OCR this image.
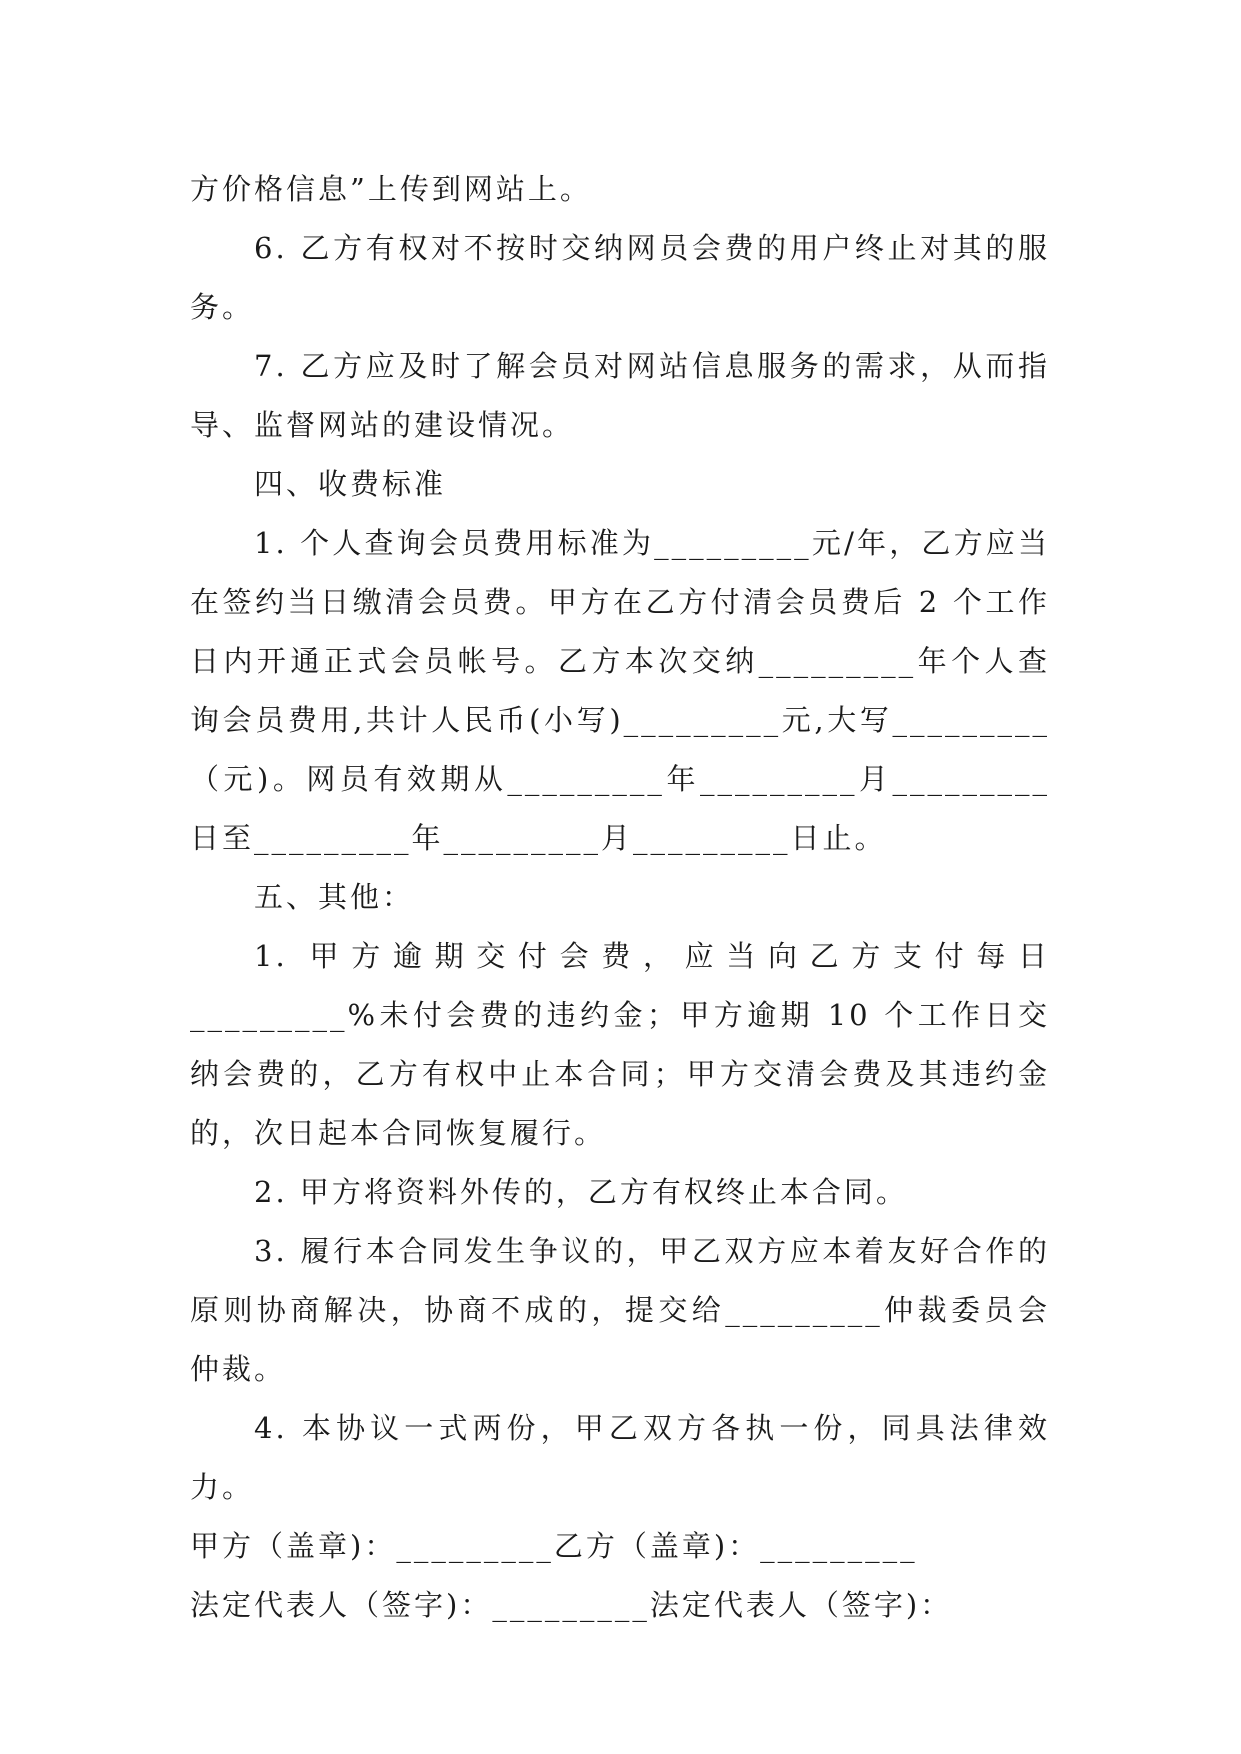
方价格信息”上传到网站上。

6. 乙方有权对不按时交纳网员会费的用户终止对其的服务。

7. 乙方应及时了解会员对网站信息服务的需求，从而指导、监督网站的建设情况。

四、收费标准

1. 个人查询会员费用标准为_________元/年，乙方应当在签约当日缴清会员费。甲方在乙方付清会员费后 2 个工作日内开通正式会员帐号。乙方本次交纳_________年个人查询会员费用,共计人民币(小写)_________元,大写_________（元)。网员有效期从_________年_________月_________日至_________年_________月_________日止。

五、其他：

1. 甲方逾期交付会费，应当向乙方支付每日_________%未付会费的违约金；甲方逾期 10 个工作日交纳会费的，乙方有权中止本合同；甲方交清会费及其违约金的，次日起本合同恢复履行。

2. 甲方将资料外传的，乙方有权终止本合同。

3. 履行本合同发生争议的，甲乙双方应本着友好合作的原则协商解决，协商不成的，提交给_________仲裁委员会仲裁。

4. 本协议一式两份，甲乙双方各执一份，同具法律效力。

甲方（盖章)：_________乙方（盖章)：_________

法定代表人（签字)：_________法定代表人（签字)：
